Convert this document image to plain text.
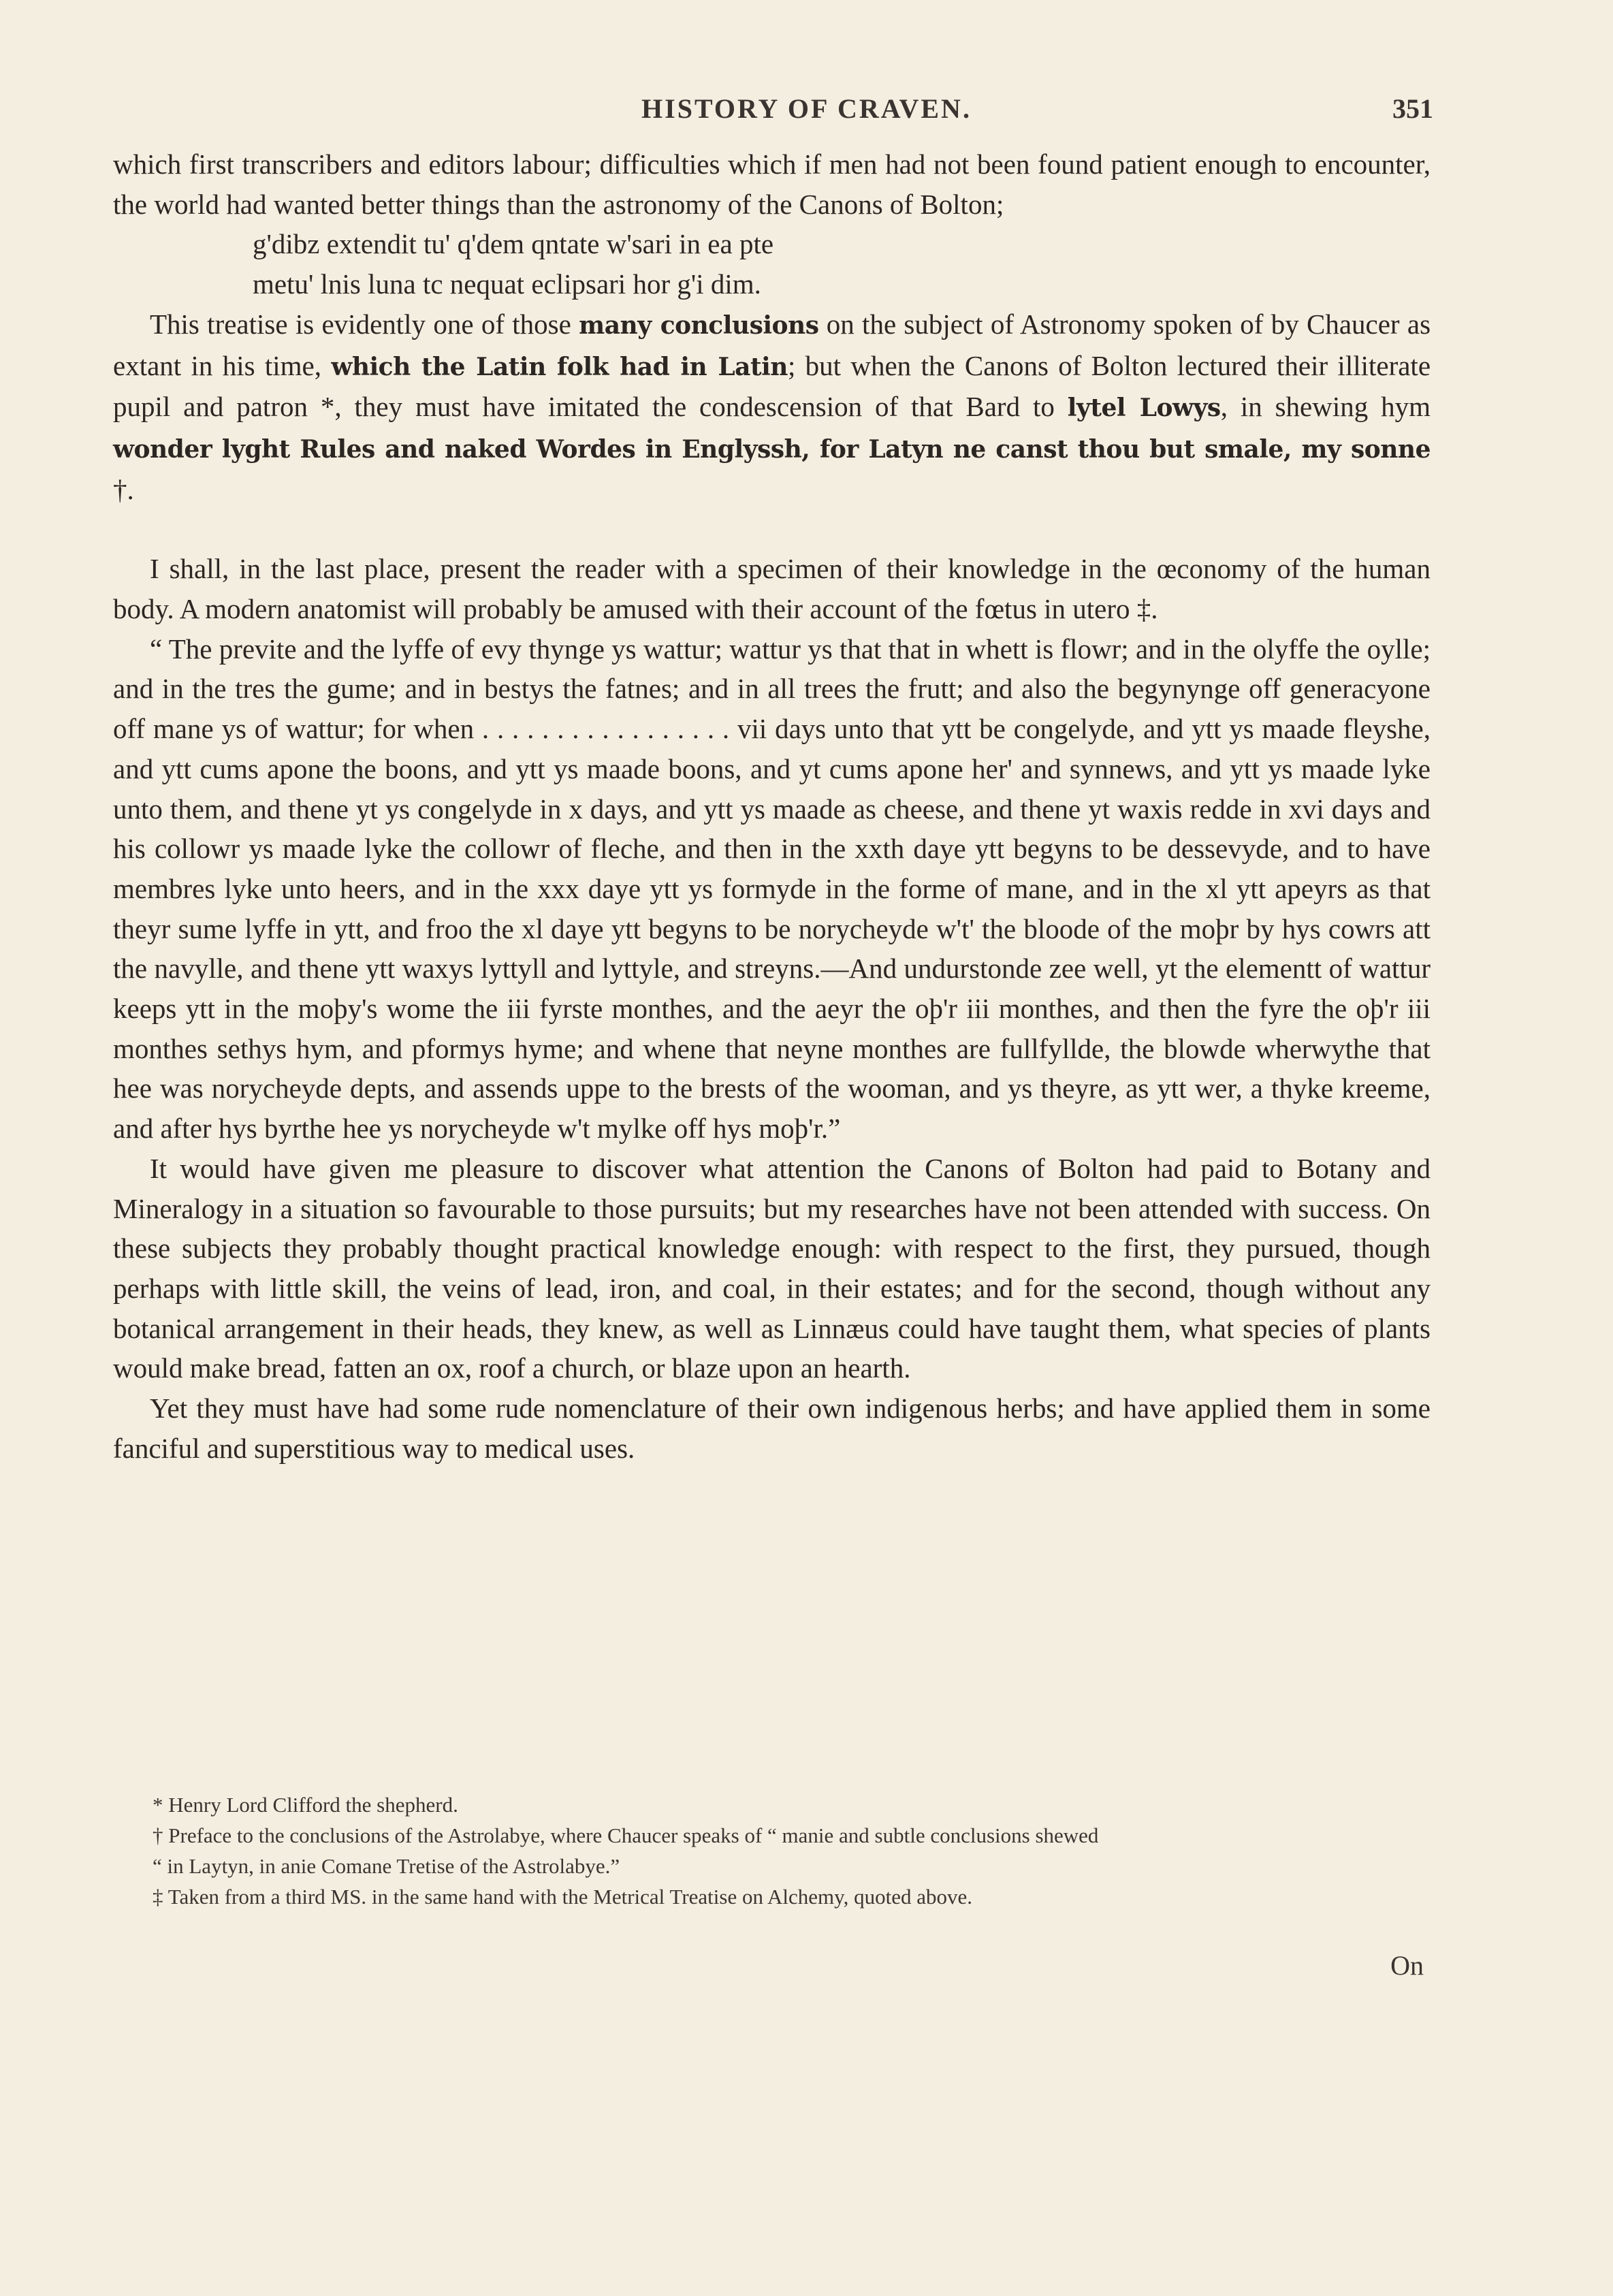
HISTORY OF CRAVEN.	351

which first transcribers and editors labour; difficulties which if men had not been found patient enough to encounter, the world had wanted better things than the astronomy of the Canons of Bolton;

g'dibz extendit tu' q'dem qntate w'sari in ea pte

metu' lnis luna tc nequat eclipsari hor g'i dim.

This treatise is evidently one of those many conclusions on the subject of Astronomy spoken of by Chaucer as extant in his time, which the Latin folk had in Latin; but when the Canons of Bolton lectured their illiterate pupil and patron *, they must have imitated the condescension of that Bard to lytel Lowys, in shewing hym wonder lyght Rules and naked Wordes in Englyssh, for Latyn ne canst thou but smale, my sonne †.

I shall, in the last place, present the reader with a specimen of their knowledge in the œconomy of the human body. A modern anatomist will probably be amused with their account of the fœtus in utero ‡.

“ The previte and the lyffe of evy thynge ys wattur; wattur ys that that in whett is flowr; and in the olyffe the oylle; and in the tres the gume; and in bestys the fatnes; and in all trees the frutt; and also the begynynge off generacyone off mane ys of wattur; for when . . . . . . . . . . . . . . . . . vii days unto that ytt be congelyde, and ytt ys maade fleyshe, and ytt cums apone the boons, and ytt ys maade boons, and yt cums apone her' and synnews, and ytt ys maade lyke unto them, and thene yt ys congelyde in x days, and ytt ys maade as cheese, and thene yt waxis redde in xvi days and his collowr ys maade lyke the collowr of fleche, and then in the xxth daye ytt begyns to be dessevyde, and to have membres lyke unto heers, and in the xxx daye ytt ys formyde in the forme of mane, and in the xl ytt apeyrs as that theyr sume lyffe in ytt, and froo the xl daye ytt begyns to be norycheyde w't' the bloode of the moþr by hys cowrs att the navylle, and thene ytt waxys lyttyll and lyttyle, and streyns.—And undurstonde zee well, yt the elementt of wattur keeps ytt in the moþy's wome the iii fyrste monthes, and the aeyr the oþ'r iii monthes, and then the fyre the oþ'r iii monthes sethys hym, and pformys hyme; and whene that neyne monthes are fullfyllde, the blowde wherwythe that hee was norycheyde depts, and assends uppe to the brests of the wooman, and ys theyre, as ytt wer, a thyke kreeme, and after hys byrthe hee ys norycheyde w't mylke off hys moþ'r.”

It would have given me pleasure to discover what attention the Canons of Bolton had paid to Botany and Mineralogy in a situation so favourable to those pursuits; but my researches have not been attended with success. On these subjects they probably thought practical knowledge enough: with respect to the first, they pursued, though perhaps with little skill, the veins of lead, iron, and coal, in their estates; and for the second, though without any botanical arrangement in their heads, they knew, as well as Linnæus could have taught them, what species of plants would make bread, fatten an ox, roof a church, or blaze upon an hearth.

Yet they must have had some rude nomenclature of their own indigenous herbs; and have applied them in some fanciful and superstitious way to medical uses.

* Henry Lord Clifford the shepherd.

† Preface to the conclusions of the Astrolabye, where Chaucer speaks of “ manie and subtle conclusions shewed

“ in Laytyn, in anie Comane Tretise of the Astrolabye.”

‡ Taken from a third MS. in the same hand with the Metrical Treatise on Alchemy, quoted above.

On
